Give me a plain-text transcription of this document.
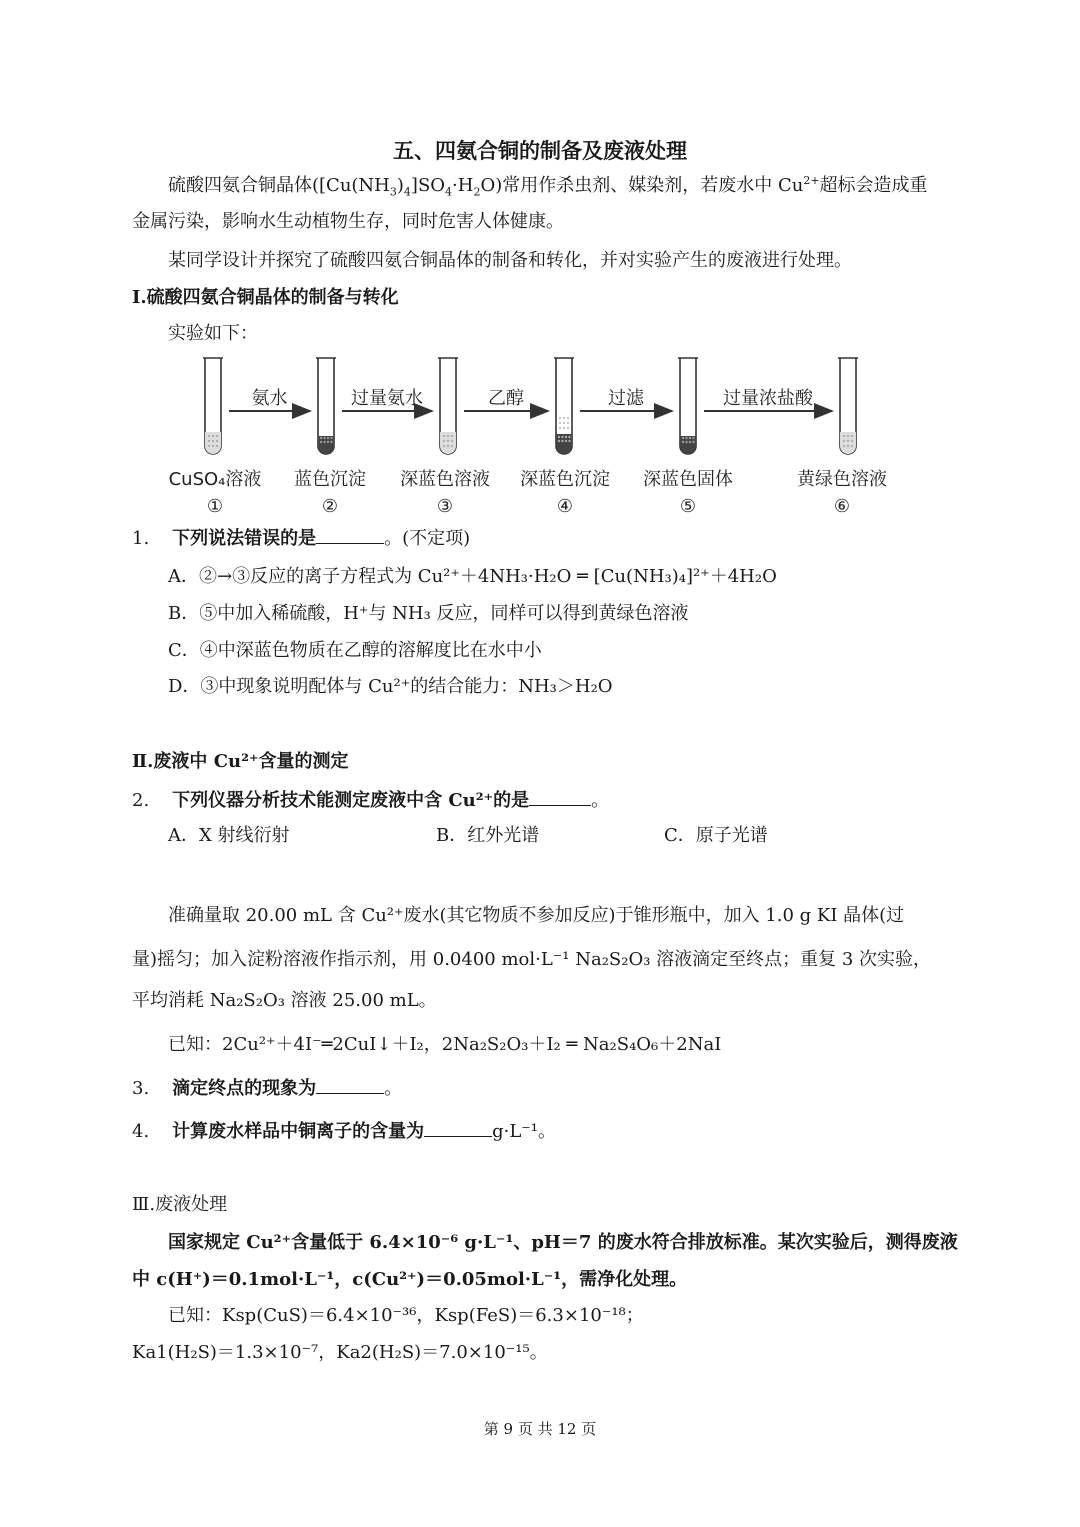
五、四氨合铜的制备及废液处理
硫酸四氨合铜晶体$([Cu(NH_3)_4]SO_4\cdot H_2O)$常用作杀虫剂、媒染剂，若废水中 $Cu^{2+}$超标会造成重
金属污染，影响水生动植物生存，同时危害人体健康。
某同学设计并探究了硫酸四氨合铜晶体的制备和转化，并对实验产生的废液进行处理。
Ⅰ.硫酸四氨合铜晶体的制备与转化
实验如下：
氨水	过量氨水	乙醇	过滤	过量浓盐酸
CuSO₄溶液
①
蓝色沉淀
②
深蓝色溶液
③
深蓝色沉淀
④
深蓝色固体
⑤
黄绿色溶液
⑥
1. 下列说法错误的是	。(不定项)
A．②→③反应的离子方程式为 Cu²⁺＋4NH₃·H₂O ═ [Cu(NH₃)₄]²⁺＋4H₂O
B．⑤中加入稀硫酸，H⁺与 NH₃ 反应，同样可以得到黄绿色溶液
C．④中深蓝色物质在乙醇的溶解度比在水中小
D．③中现象说明配体与 Cu²⁺的结合能力：NH₃＞H₂O
Ⅱ.废液中 Cu²⁺含量的测定
2. 下列仪器分析技术能测定废液中含 Cu²⁺的是	。
A．X 射线衍射	B．红外光谱	C．原子光谱
准确量取 20.00 mL 含 Cu²⁺废水(其它物质不参加反应)于锥形瓶中，加入 1.0 g KI 晶体(过
量)摇匀；加入淀粉溶液作指示剂，用 0.0400 mol·L⁻¹ Na₂S₂O₃ 溶液滴定至终点；重复 3 次实验，
平均消耗 Na₂S₂O₃ 溶液 25.00 mL。
已知：2Cu²⁺＋4I⁻═2CuI↓＋I₂，2Na₂S₂O₃＋I₂ ═ Na₂S₄O₆＋2NaI
3. 滴定终点的现象为	。
4. 计算废水样品中铜离子的含量为	g·L⁻¹。
Ⅲ.废液处理
国家规定 Cu²⁺含量低于 6.4×10⁻⁶ g·L⁻¹、pH＝7 的废水符合排放标准。某次实验后，测得废液
中 c(H⁺)＝0.1mol·L⁻¹，c(Cu²⁺)＝0.05mol·L⁻¹，需净化处理。
已知：Ksp(CuS)＝6.4×10⁻³⁶，Ksp(FeS)＝6.3×10⁻¹⁸；
Ka1(H₂S)＝1.3×10⁻⁷，Ka2(H₂S)＝7.0×10⁻¹⁵。
第 9 页 共 12 页
